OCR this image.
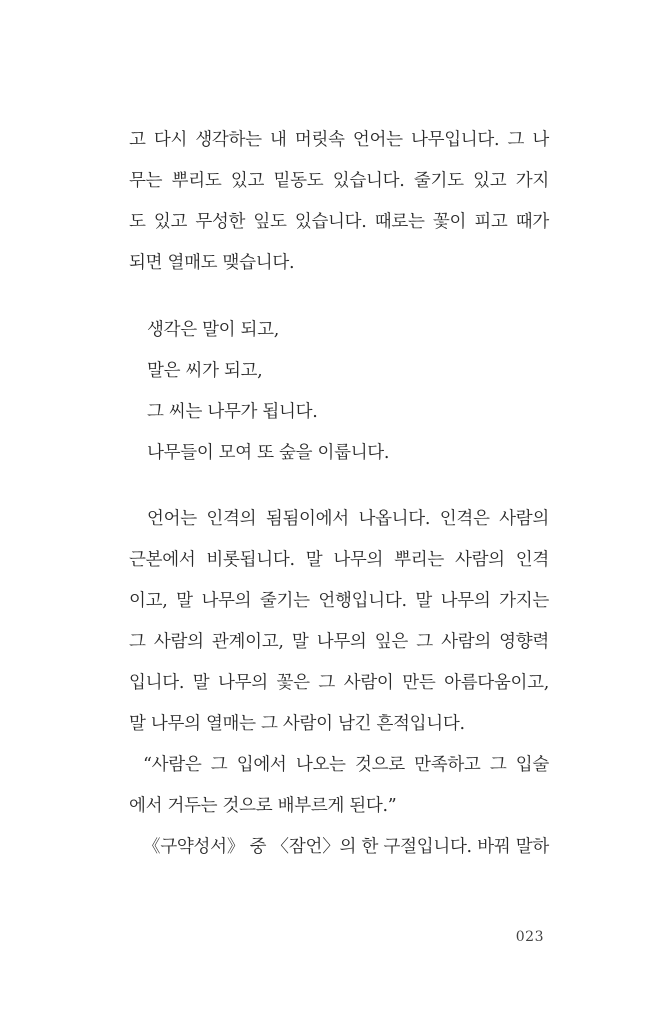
고 다시 생각하는 내 머릿속 언어는 나무입니다. 그 나
무는 뿌리도 있고 밑동도 있습니다. 줄기도 있고 가지
도 있고 무성한 잎도 있습니다. 때로는 꽃이 피고 때가
되면 열매도 맺습니다.
생각은 말이 되고,
말은 씨가 되고,
그 씨는 나무가 됩니다.
나무들이 모여 또 숲을 이룹니다.
언어는 인격의 됨됨이에서 나옵니다. 인격은 사람의
근본에서 비롯됩니다. 말 나무의 뿌리는 사람의 인격
이고, 말 나무의 줄기는 언행입니다. 말 나무의 가지는
그 사람의 관계이고, 말 나무의 잎은 그 사람의 영향력
입니다. 말 나무의 꽃은 그 사람이 만든 아름다움이고,
말 나무의 열매는 그 사람이 남긴 흔적입니다.
“사람은 그 입에서 나오는 것으로 만족하고 그 입술
에서 거두는 것으로 배부르게 된다.”
《구약성서》 중 〈잠언〉의 한 구절입니다. 바꿔 말하
023
